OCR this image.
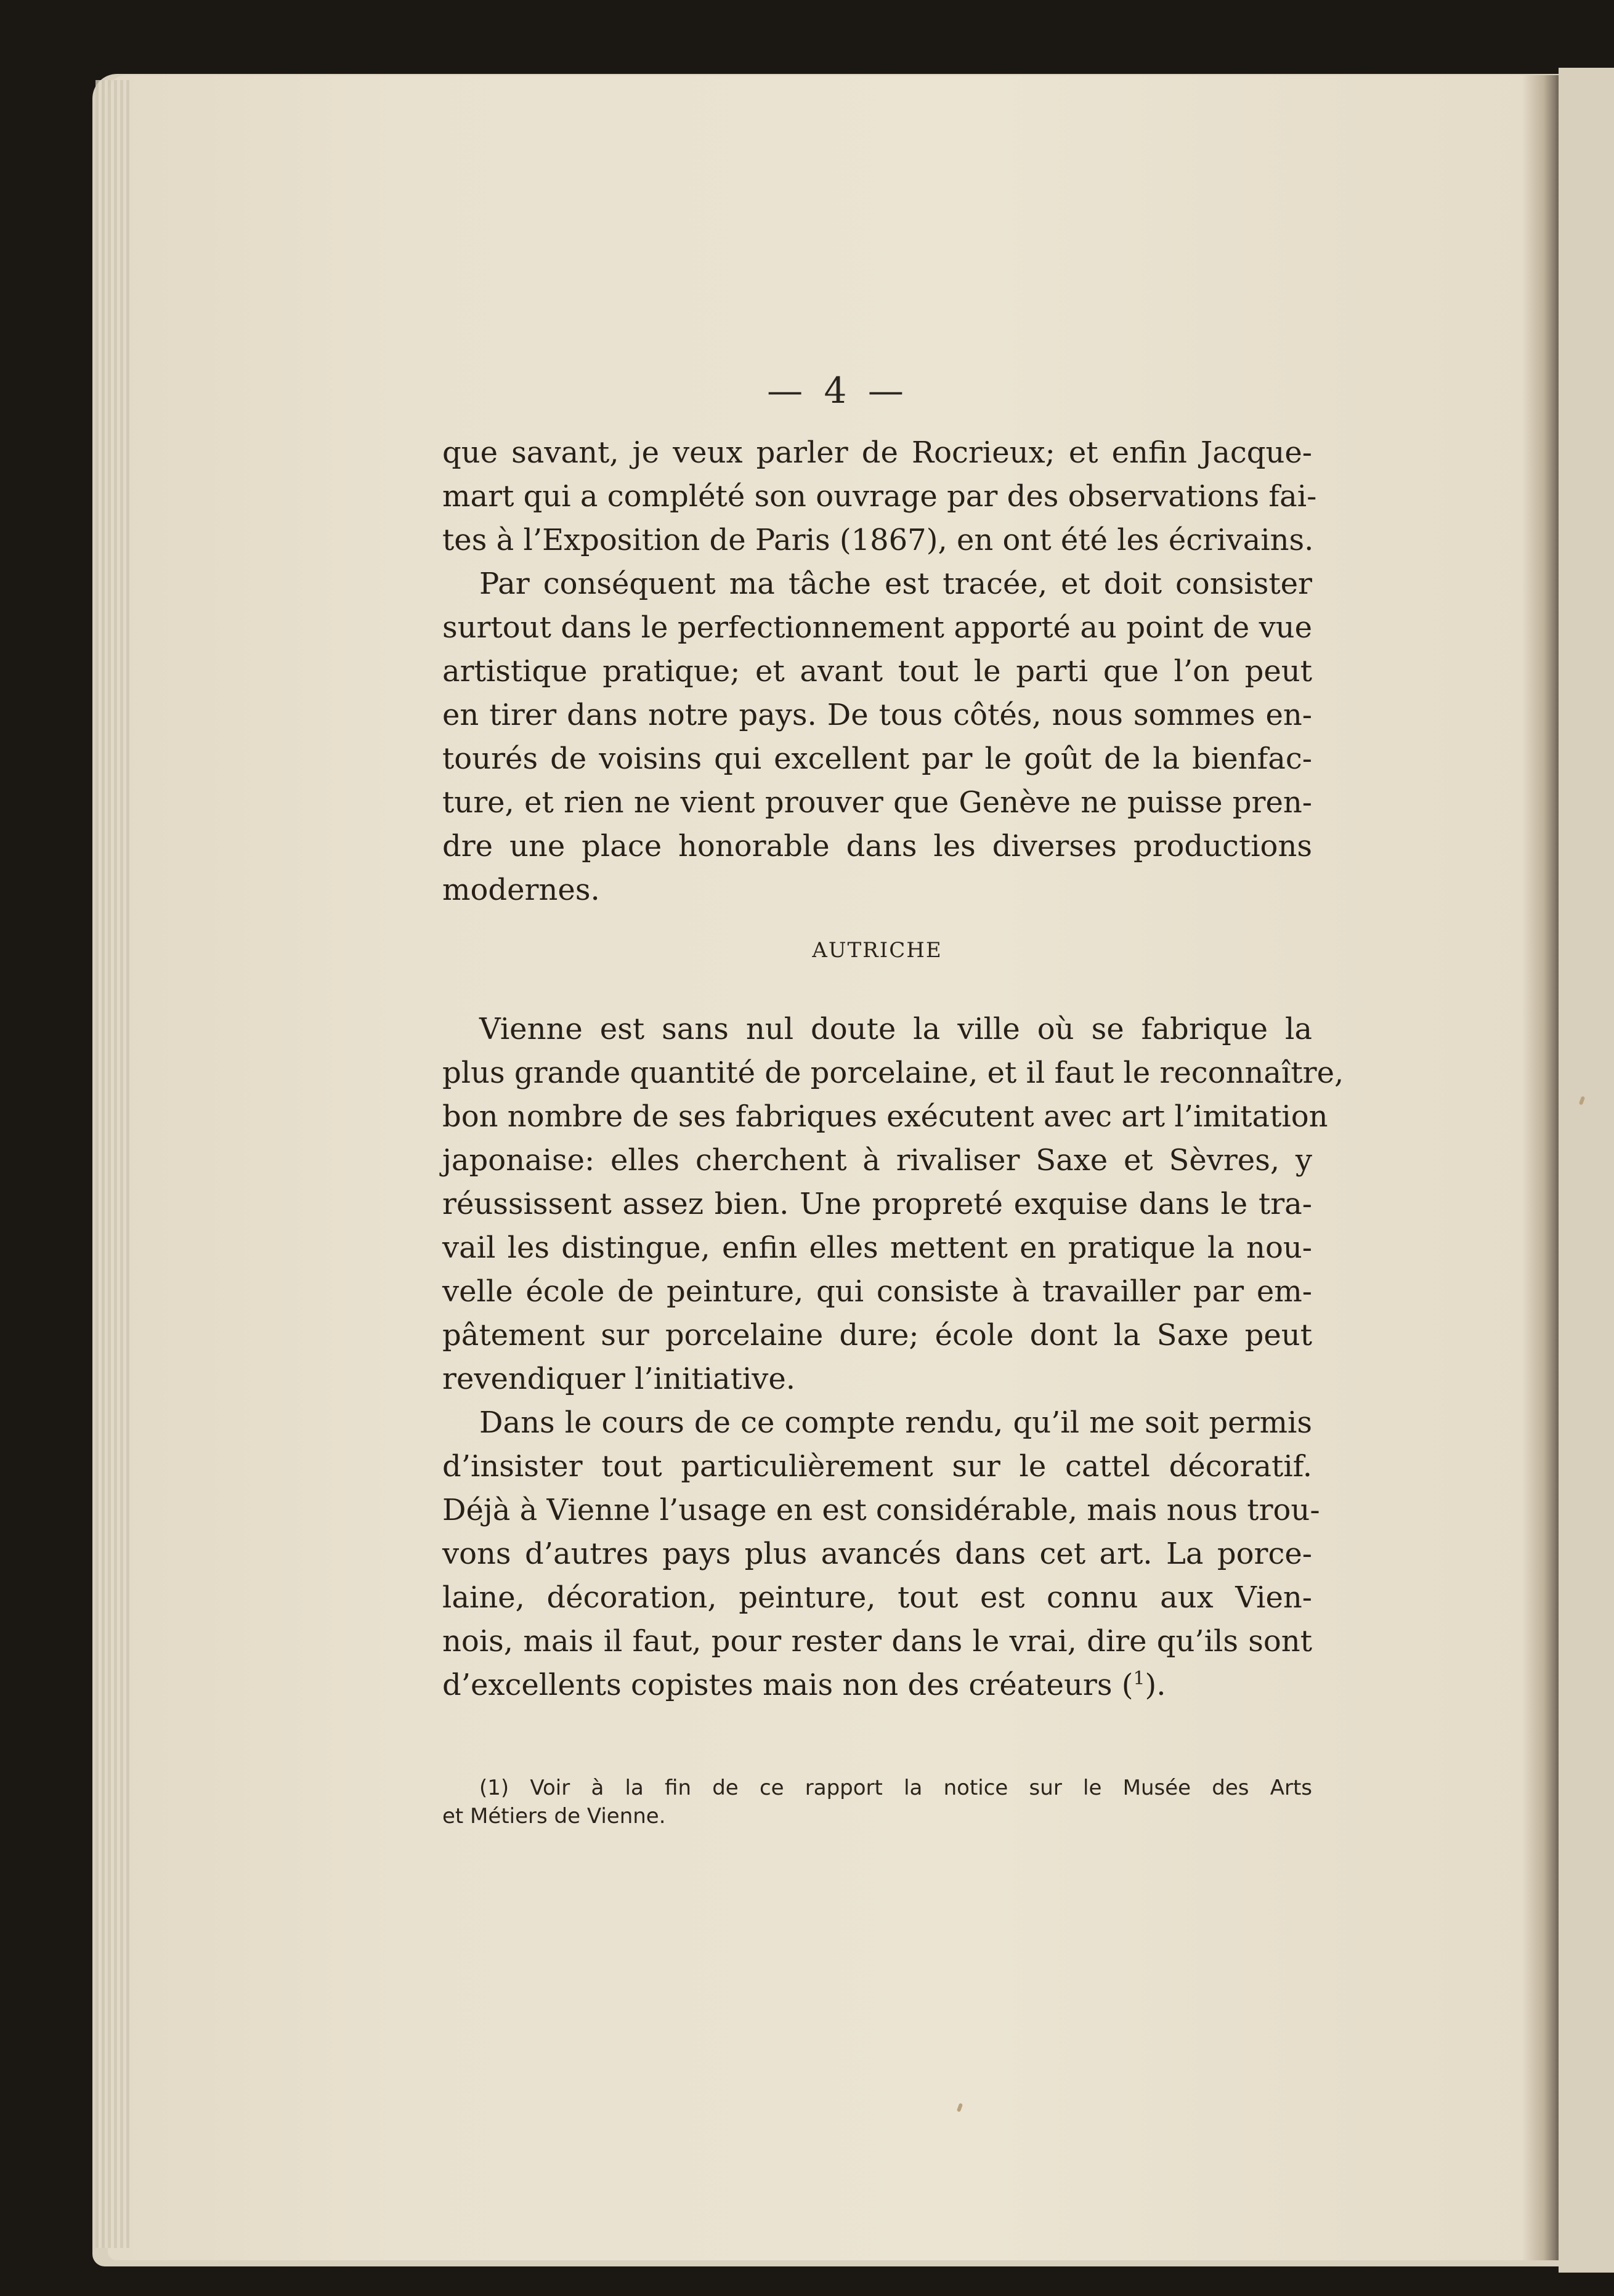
— 4 —
que savant, je veux parler de Rocrieux; et enfin Jacque-
mart qui a complété son ouvrage par des observations fai-
tes à l’Exposition de Paris (1867), en ont été les écrivains.
Par conséquent ma tâche est tracée, et doit consister
surtout dans le perfectionnement apporté au point de vue
artistique pratique; et avant tout le parti que l’on peut
en tirer dans notre pays. De tous côtés, nous sommes en-
tourés de voisins qui excellent par le goût de la bienfac-
ture, et rien ne vient prouver que Genève ne puisse pren-
dre une place honorable dans les diverses productions
modernes.
AUTRICHE
Vienne est sans nul doute la ville où se fabrique la
plus grande quantité de porcelaine, et il faut le reconnaître,
bon nombre de ses fabriques exécutent avec art l’imitation
japonaise: elles cherchent à rivaliser Saxe et Sèvres, y
réussissent assez bien. Une propreté exquise dans le tra-
vail les distingue, enfin elles mettent en pratique la nou-
velle école de peinture, qui consiste à travailler par em-
pâtement sur porcelaine dure; école dont la Saxe peut
revendiquer l’initiative.
Dans le cours de ce compte rendu, qu’il me soit permis
d’insister tout particulièrement sur le cattel décoratif.
Déjà à Vienne l’usage en est considérable, mais nous trou-
vons d’autres pays plus avancés dans cet art. La porce-
laine, décoration, peinture, tout est connu aux Vien-
nois, mais il faut, pour rester dans le vrai, dire qu’ils sont
d’excellents copistes mais non des créateurs ($^1$).
(1) Voir à la fin de ce rapport la notice sur le Musée des Arts
et Métiers de Vienne.
